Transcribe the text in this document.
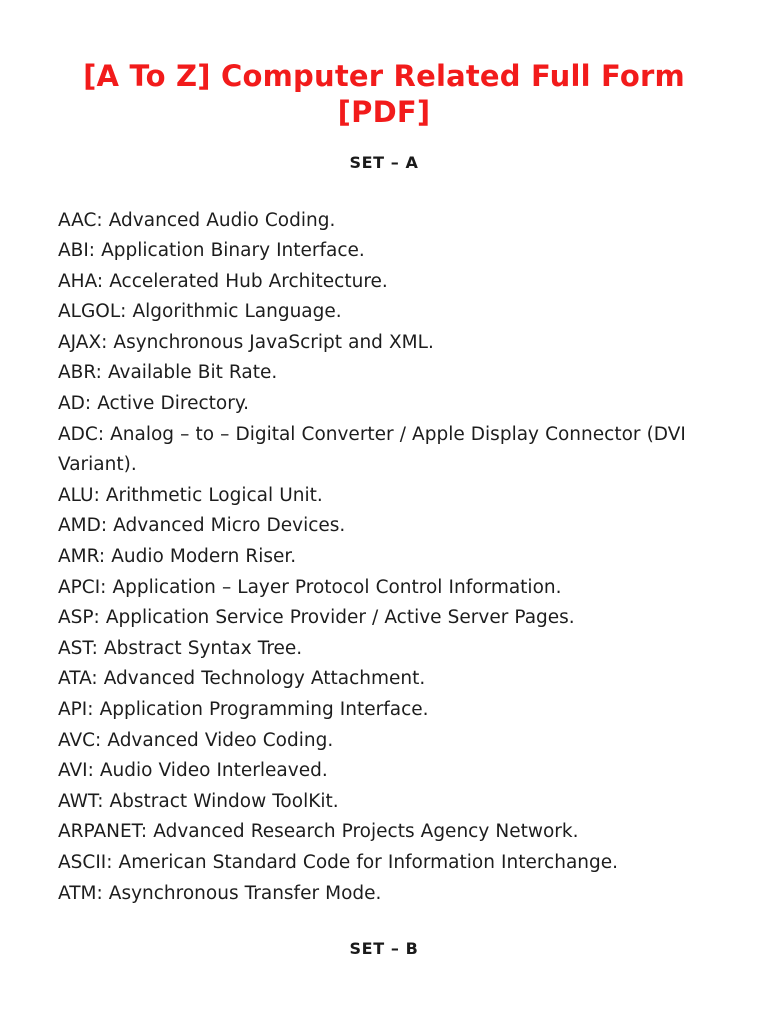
[A To Z] Computer Related Full Form [PDF]
SET – A
AAC: Advanced Audio Coding.
ABI: Application Binary Interface.
AHA: Accelerated Hub Architecture.
ALGOL: Algorithmic Language.
AJAX: Asynchronous JavaScript and XML.
ABR: Available Bit Rate.
AD: Active Directory.
ADC: Analog – to – Digital Converter / Apple Display Connector (DVI Variant).
ALU: Arithmetic Logical Unit.
AMD: Advanced Micro Devices.
AMR: Audio Modern Riser.
APCI: Application – Layer Protocol Control Information.
ASP: Application Service Provider / Active Server Pages.
AST: Abstract Syntax Tree.
ATA: Advanced Technology Attachment.
API: Application Programming Interface.
AVC: Advanced Video Coding.
AVI: Audio Video Interleaved.
AWT: Abstract Window ToolKit.
ARPANET: Advanced Research Projects Agency Network.
ASCII: American Standard Code for Information Interchange.
ATM: Asynchronous Transfer Mode.
SET – B
